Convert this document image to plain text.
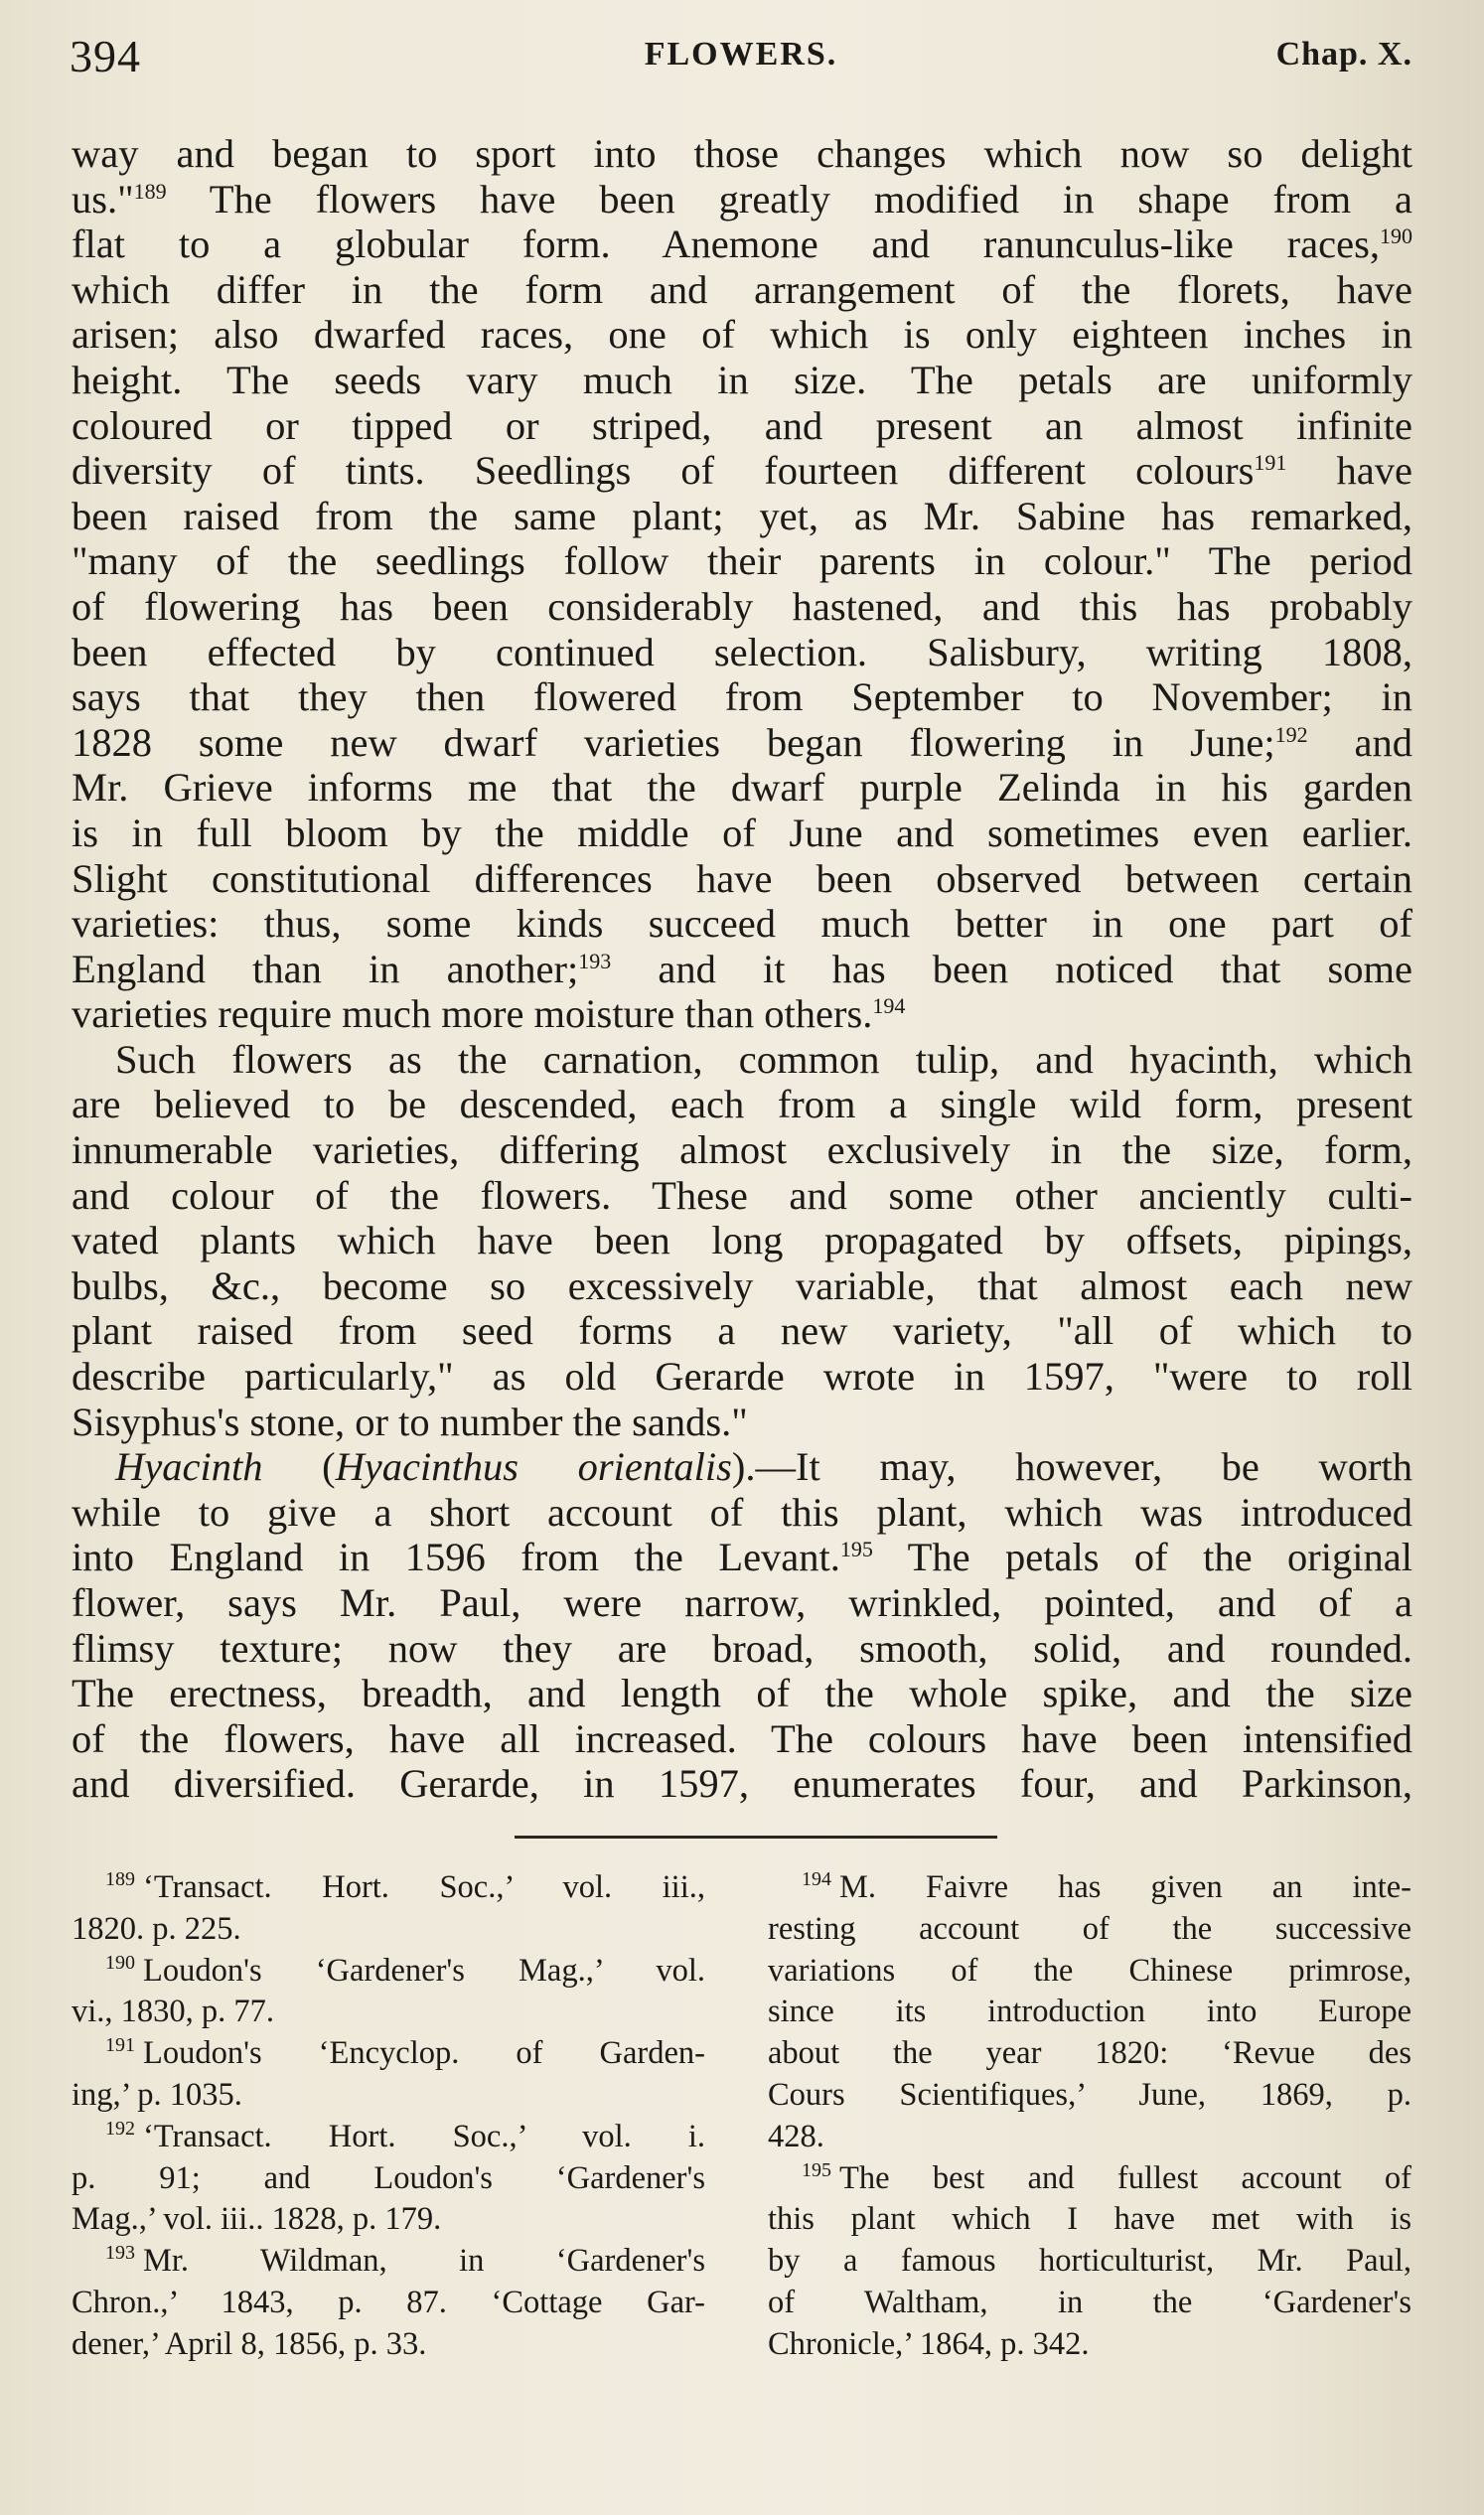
394	FLOWERS.	Chap. X.
way and began to sport into those changes which now so delight
us."$^{189}$ The flowers have been greatly modified in shape from a
flat to a globular form. Anemone and ranunculus-like races,$^{190}$
which differ in the form and arrangement of the florets, have
arisen; also dwarfed races, one of which is only eighteen inches in
height. The seeds vary much in size. The petals are uniformly
coloured or tipped or striped, and present an almost infinite
diversity of tints. Seedlings of fourteen different colours$^{191}$ have
been raised from the same plant; yet, as Mr. Sabine has remarked,
"many of the seedlings follow their parents in colour." The period
of flowering has been considerably hastened, and this has probably
been effected by continued selection. Salisbury, writing 1808,
says that they then flowered from September to November; in
1828 some new dwarf varieties began flowering in June;$^{192}$ and
Mr. Grieve informs me that the dwarf purple Zelinda in his garden
is in full bloom by the middle of June and sometimes even earlier.
Slight constitutional differences have been observed between certain
varieties: thus, some kinds succeed much better in one part of
England than in another;$^{193}$ and it has been noticed that some
varieties require much more moisture than others.$^{194}$
Such flowers as the carnation, common tulip, and hyacinth, which
are believed to be descended, each from a single wild form, present
innumerable varieties, differing almost exclusively in the size, form,
and colour of the flowers. These and some other anciently culti-
vated plants which have been long propagated by offsets, pipings,
bulbs, &c., become so excessively variable, that almost each new
plant raised from seed forms a new variety, "all of which to
describe particularly," as old Gerarde wrote in 1597, "were to roll
Sisyphus's stone, or to number the sands."
Hyacinth (Hyacinthus orientalis).—It may, however, be worth
while to give a short account of this plant, which was introduced
into England in 1596 from the Levant.$^{195}$ The petals of the original
flower, says Mr. Paul, were narrow, wrinkled, pointed, and of a
flimsy texture; now they are broad, smooth, solid, and rounded.
The erectness, breadth, and length of the whole spike, and the size
of the flowers, have all increased. The colours have been intensified
and diversified. Gerarde, in 1597, enumerates four, and Parkinson,
$^{189}$ ‘Transact. Hort. Soc.,’ vol. iii.,
1820. p. 225.
$^{190}$ Loudon's ‘Gardener's Mag.,’ vol.
vi., 1830, p. 77.
$^{191}$ Loudon's ‘Encyclop. of Garden-
ing,’ p. 1035.
$^{192}$ ‘Transact. Hort. Soc.,’ vol. i.
p. 91; and Loudon's ‘Gardener's
Mag.,’ vol. iii.. 1828, p. 179.
$^{193}$ Mr. Wildman, in ‘Gardener's
Chron.,’ 1843, p. 87. ‘Cottage Gar-
dener,’ April 8, 1856, p. 33.
$^{194}$ M. Faivre has given an inte-
resting account of the successive
variations of the Chinese primrose,
since its introduction into Europe
about the year 1820: ‘Revue des
Cours Scientifiques,’ June, 1869, p.
428.
$^{195}$ The best and fullest account of
this plant which I have met with is
by a famous horticulturist, Mr. Paul,
of Waltham, in the ‘Gardener's
Chronicle,’ 1864, p. 342.
